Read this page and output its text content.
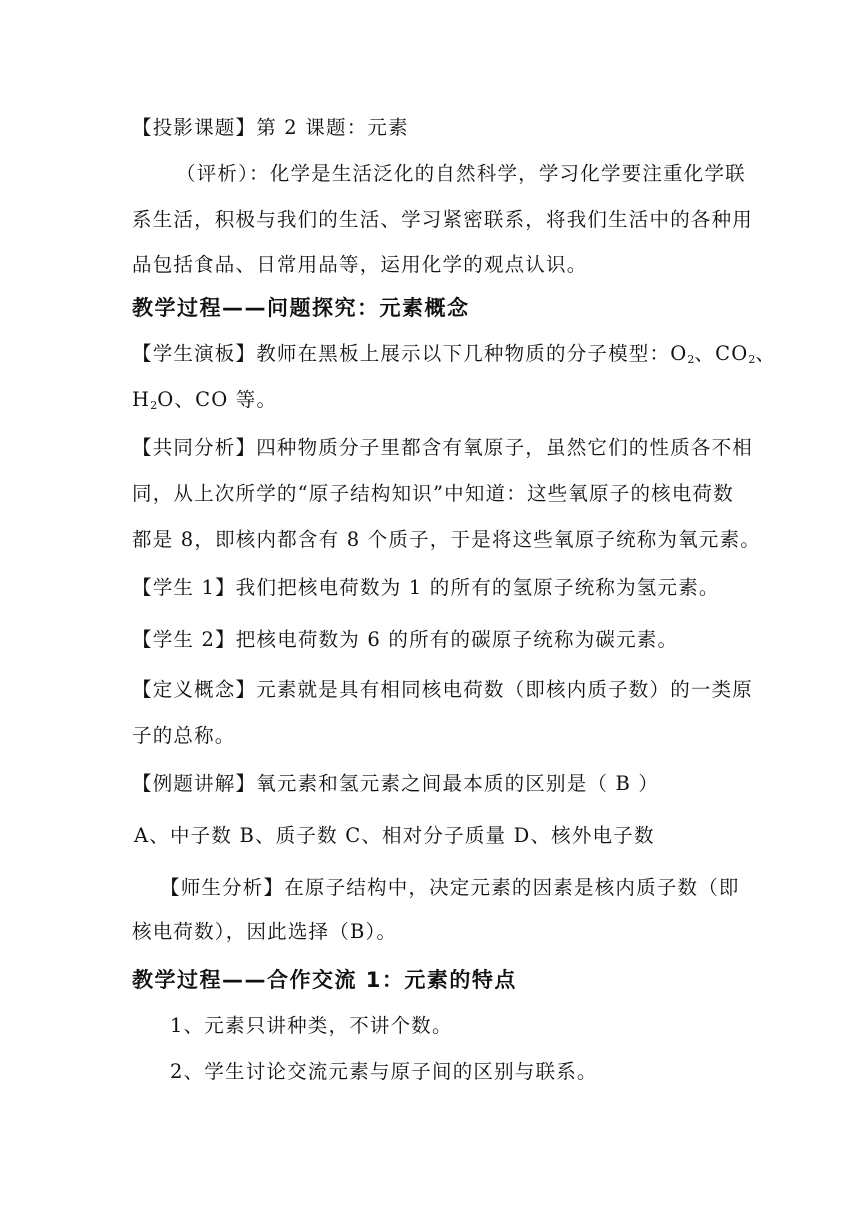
【投影课题】第 2 课题：元素
（评析）：化学是生活泛化的自然科学，学习化学要注重化学联
系生活，积极与我们的生活、学习紧密联系，将我们生活中的各种用
品包括食品、日常用品等，运用化学的观点认识。
教学过程——问题探究：元素概念
【学生演板】教师在黑板上展示以下几种物质的分子模型：$O_2$、$CO_2$、
$H_2O$、CO 等。
【共同分析】四种物质分子里都含有氧原子，虽然它们的性质各不相
同，从上次所学的“原子结构知识”中知道：这些氧原子的核电荷数
都是 8，即核内都含有 8 个质子，于是将这些氧原子统称为氧元素。
【学生 1】我们把核电荷数为 1 的所有的氢原子统称为氢元素。
【学生 2】把核电荷数为 6 的所有的碳原子统称为碳元素。
【定义概念】元素就是具有相同核电荷数（即核内质子数）的一类原
子的总称。
【例题讲解】氧元素和氢元素之间最本质的区别是（ B ）
A、中子数 B、质子数 C、相对分子质量 D、核外电子数
【师生分析】在原子结构中，决定元素的因素是核内质子数（即
核电荷数），因此选择（B）。
教学过程——合作交流 1：元素的特点
1、元素只讲种类，不讲个数。
2、学生讨论交流元素与原子间的区别与联系。
